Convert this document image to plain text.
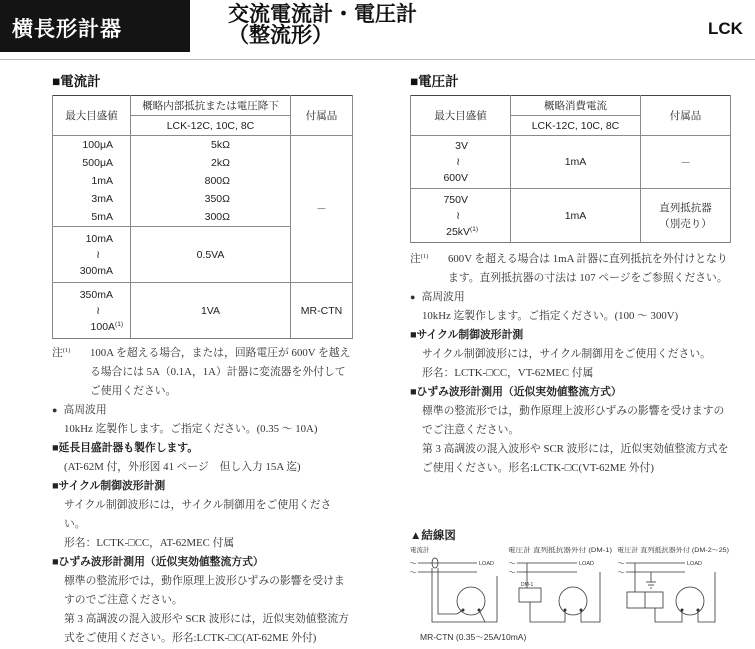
横長形計器
交流電流計・電圧計
（整流形）	LCK
■電流計
最大目盛値	概略内部抵抗または電圧降下	付属品
	LCK-12C, 10C, 8C	
100μA	5kΩ	－
500μA	2kΩ	
1mA	800Ω	
3mA	350Ω	
5mA	300Ω	

10mA
≀
300mA	0.5VA	

350mA
≀
$100A^{(1)}$	1VA	MR-CTN
注$^{(1)}$ 100A を超える場合，または，回路電圧が 600V を越える場合には 5A（0.1A，1A）計器に変流器を外付してご使用ください。
● 高周波用
10kHz 迄製作します。ご指定ください。(0.35 ～ 10A)
■延長目盛計器も製作します。
(AT-62M 付，外形図 41 ページ　但し入力 15A 迄)
■サイクル制御波形計測
サイクル制御波形には，サイクル制御用をご使用ください。
形名：LCTK-□CC，AT-62MEC 付属
■ひずみ波形計測用（近似実効値整流方式）
標準の整流形では，動作原理上波形ひずみの影響を受けますのでご注意ください。
第 3 高調波の混入波形や SCR 波形には，近似実効値整流方式をご使用ください。形名:LCTK-□C(AT-62ME 外付)
■電圧計
最大目盛値	概略消費電流	付属品
	LCK-12C, 10C, 8C	

3V
≀
600V	1mA	－

750V
≀
$25kV^{(1)}$	1mA	直列抵抗器
（別売り）
注$^{(1)}$ 600V を超える場合は 1mA 計器に直列抵抗を外付けとなります。直列抵抗器の寸法は 107 ページをご参照ください。
● 高周波用
10kHz 迄製作します。ご指定ください。(100 ～ 300V)
■サイクル制御波形計測
サイクル制御波形には，サイクル制御用をご使用ください。
形名：LCTK-□CC，VT-62MEC 付属
■ひずみ波形計測用（近似実効値整流方式）
標準の整流形では，動作原理上波形ひずみの影響を受けますのでご注意ください。
第 3 高調波の混入波形や SCR 波形には，近似実効値整流方式をご使用ください。形名:LCTK-□C(VT-62ME 外付)
▲結線図
電流計
～
～
LOAD
電圧計 直列抵抗器外付 (DM-1)
～
～
LOAD
DM-1
電圧計 直列抵抗器外付 (DM-2～25)
～
～
LOAD
MR-CTN (0.35～25A/10mA)
